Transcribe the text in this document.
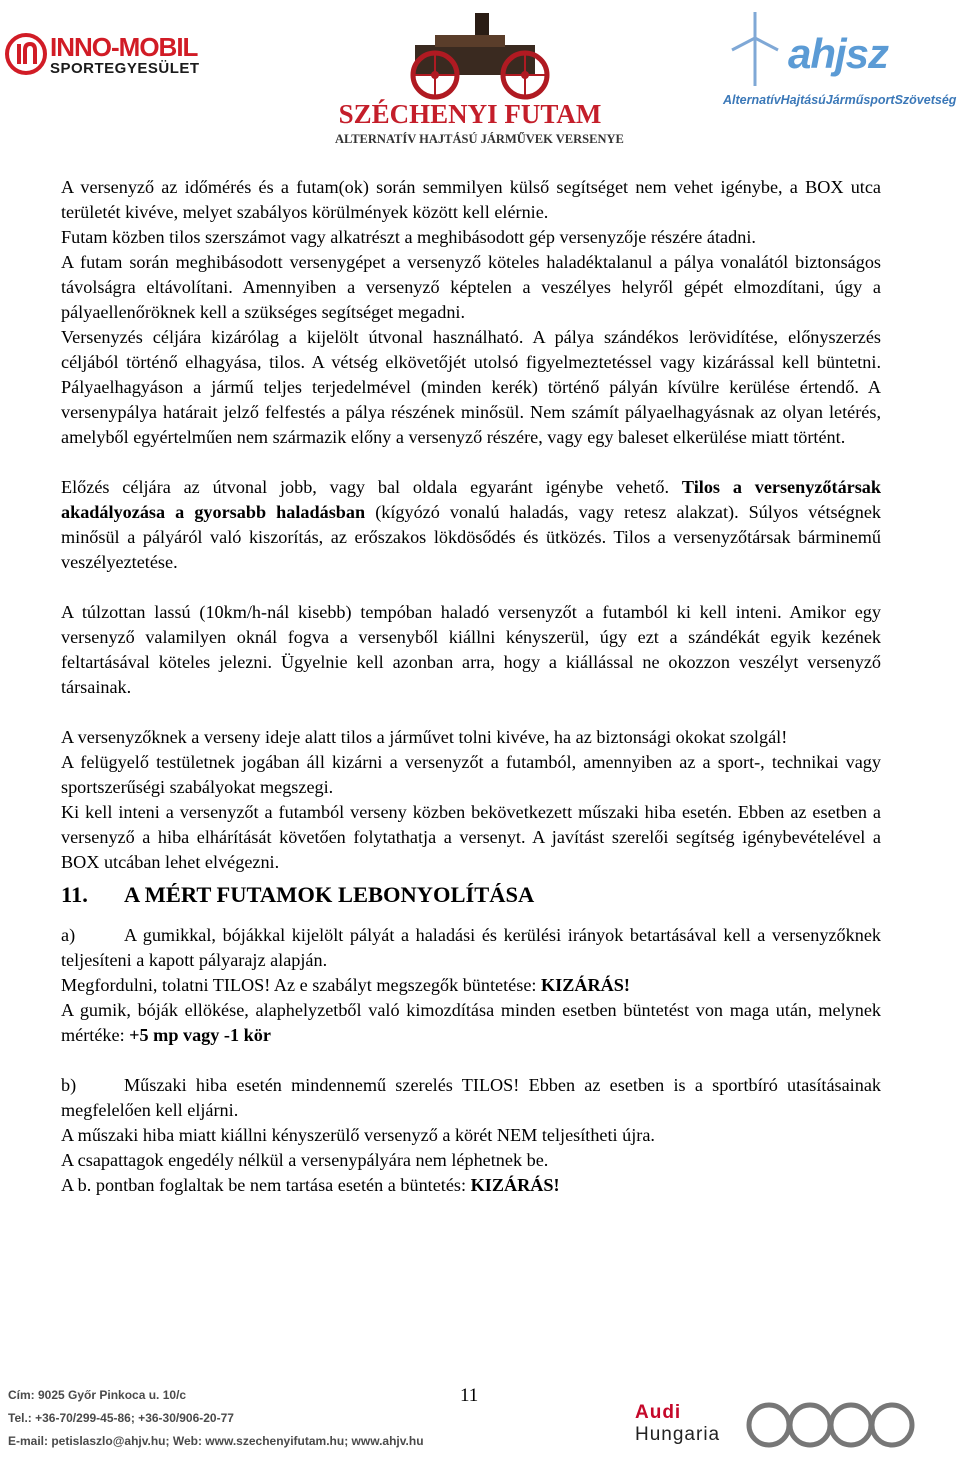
INNO-MOBIL
SPORTEGYESÜLET
SZÉCHENYI FUTAM
ALTERNATÍV HAJTÁSÚ JÁRMŰVEK VERSENYE
ahjsz
AlternatívHajtásúJárműsportSzövetség

A versenyző az időmérés és a futam(ok) során semmilyen külső segítséget nem vehet igénybe, a BOX utca területét kivéve, melyet szabályos körülmények között kell elérnie.

Futam közben tilos szerszámot vagy alkatrészt a meghibásodott gép versenyzője részére átadni.

A futam során meghibásodott versenygépet a versenyző köteles haladéktalanul a pálya vonalától biztonságos távolságra eltávolítani. Amennyiben a versenyző képtelen a veszélyes helyről gépét elmozdítani, úgy a pályaellenőröknek kell a szükséges segítséget megadni.

Versenyzés céljára kizárólag a kijelölt útvonal használható. A pálya szándékos lerövidítése, előnyszerzés céljából történő elhagyása, tilos. A vétség elkövetőjét utolsó figyelmeztetéssel vagy kizárással kell büntetni. Pályaelhagyáson a jármű teljes terjedelmével (minden kerék) történő pályán kívülre kerülése értendő. A versenypálya határait jelző felfestés a pálya részének minősül. Nem számít pályaelhagyásnak az olyan letérés, amelyből egyértelműen nem származik előny a versenyző részére, vagy egy baleset elkerülése miatt történt.

Előzés céljára az útvonal jobb, vagy bal oldala egyaránt igénybe vehető. Tilos a versenyzőtársak akadályozása a gyorsabb haladásban (kígyózó vonalú haladás, vagy retesz alakzat). Súlyos vétségnek minősül a pályáról való kiszorítás, az erőszakos lökdösődés és ütközés. Tilos a versenyzőtársak bárminemű veszélyeztetése.

A túlzottan lassú (10km/h-nál kisebb) tempóban haladó versenyzőt a futamból ki kell inteni. Amikor egy versenyző valamilyen oknál fogva a versenyből kiállni kényszerül, úgy ezt a szándékát egyik kezének feltartásával köteles jelezni. Ügyelnie kell azonban arra, hogy a kiállással ne okozzon veszélyt versenyző társainak.

A versenyzőknek a verseny ideje alatt tilos a járművet tolni kivéve, ha az biztonsági okokat szolgál!

A felügyelő testületnek jogában áll kizárni a versenyzőt a futamból, amennyiben az a sport-, technikai vagy sportszerűségi szabályokat megszegi.

Ki kell inteni a versenyzőt a futamból verseny közben bekövetkezett műszaki hiba esetén. Ebben az esetben a versenyző a hiba elhárítását követően folytathatja a versenyt. A javítást szerelői segítség igénybevételével a BOX utcában lehet elvégezni.

11. A MÉRT FUTAMOK LEBONYOLÍTÁSA

a)	A gumikkal, bójákkal kijelölt pályát a haladási és kerülési irányok betartásával kell a versenyzőknek teljesíteni a kapott pályarajz alapján.

Megfordulni, tolatni TILOS! Az e szabályt megszegők büntetése: KIZÁRÁS!

A gumik, bóják ellökése, alaphelyzetből való kimozdítása minden esetben büntetést von maga után, melynek mértéke: +5 mp vagy -1 kör

b)	Műszaki hiba esetén mindennemű szerelés TILOS! Ebben az esetben is a sportbíró utasításainak megfelelően kell eljárni.

A műszaki hiba miatt kiállni kényszerülő versenyző a körét NEM teljesítheti újra.

A csapattagok engedély nélkül a versenypályára nem léphetnek be.

A b. pontban foglaltak be nem tartása esetén a büntetés: KIZÁRÁS!

Cím: 9025 Győr Pinkoca u. 10/c
Tel.: +36-70/299-45-86; +36-30/906-20-77
E-mail: petislaszlo@ahjv.hu; Web: www.szechenyifutam.hu; www.ahjv.hu
11
Audi
Hungaria
